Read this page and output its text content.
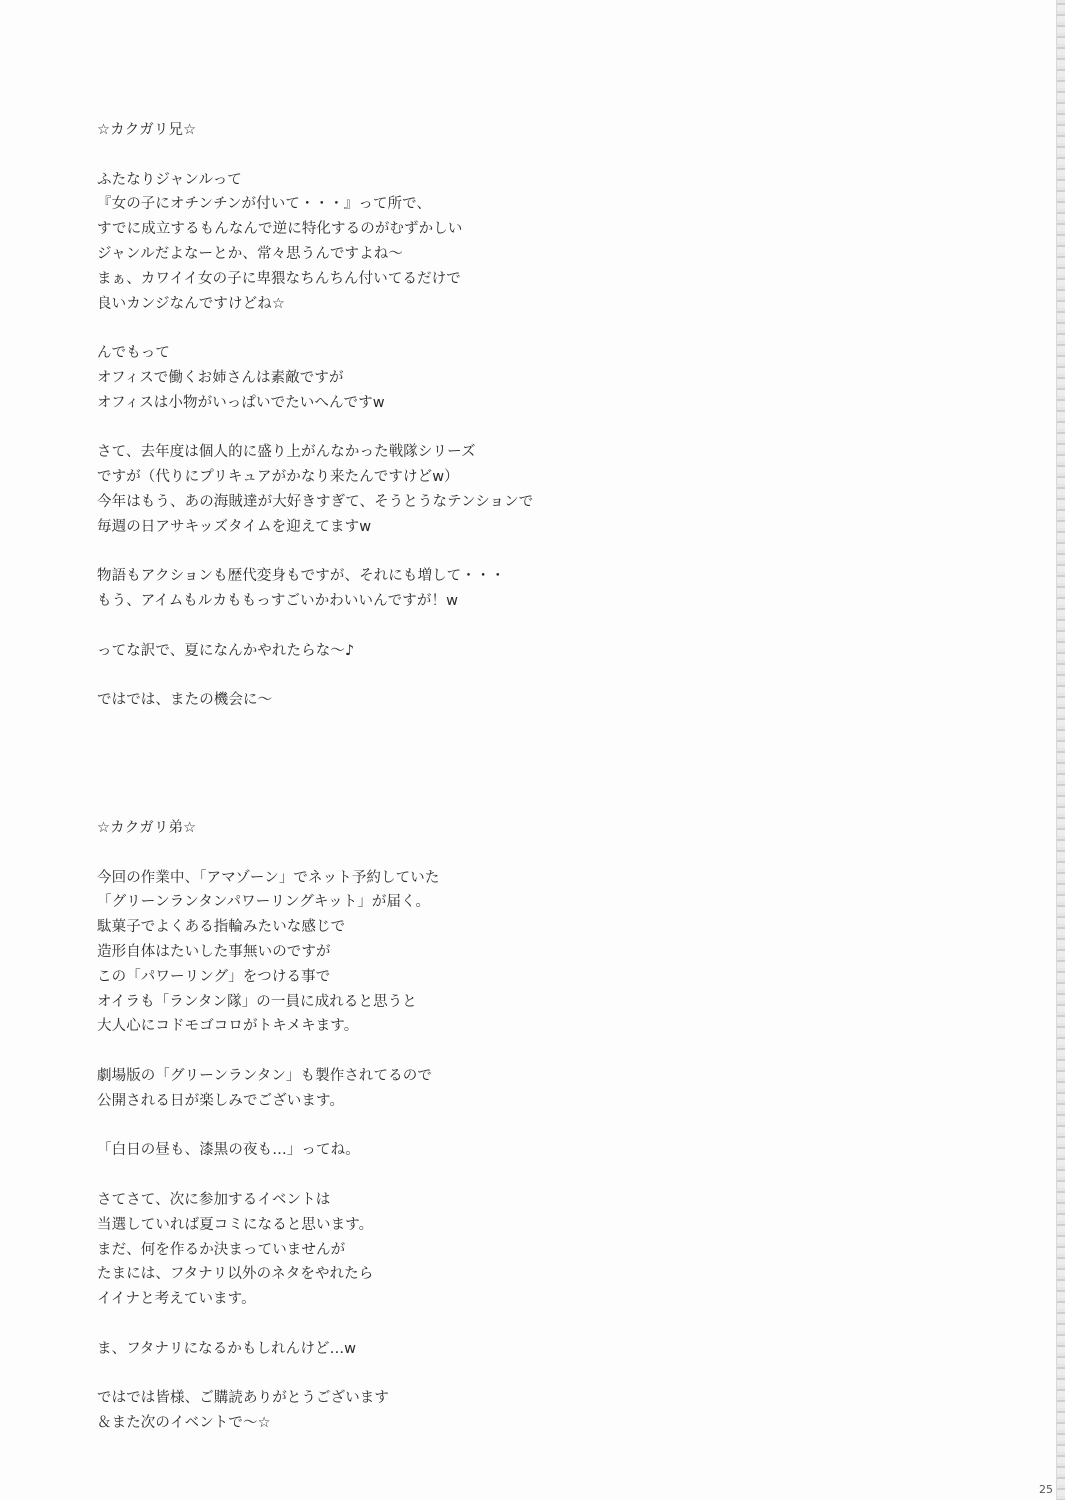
☆カクガリ兄☆
ふたなりジャンルって
『女の子にオチンチンが付いて・・・』って所で、
すでに成立するもんなんで逆に特化するのがむずかしい
ジャンルだよなーとか、常々思うんですよね～
まぁ、カワイイ女の子に卑猥なちんちん付いてるだけで
良いカンジなんですけどね☆
んでもって
オフィスで働くお姉さんは素敵ですが
オフィスは小物がいっぱいでたいへんですw
さて、去年度は個人的に盛り上がんなかった戦隊シリーズ
ですが（代りにプリキュアがかなり来たんですけどw）
今年はもう、あの海賊達が大好きすぎて、そうとうなテンションで
毎週の日アサキッズタイムを迎えてますw
物語もアクションも歴代変身もですが、それにも増して・・・
もう、アイムもルカももっすごいかわいいんですが！w
ってな訳で、夏になんかやれたらな～♪
ではでは、またの機会に～
☆カクガリ弟☆
今回の作業中、「アマゾーン」でネット予約していた
「グリーンランタンパワーリングキット」が届く。
駄菓子でよくある指輪みたいな感じで
造形自体はたいした事無いのですが
この「パワーリング」をつける事で
オイラも「ランタン隊」の一員に成れると思うと
大人心にコドモゴコロがトキメキます。
劇場版の「グリーンランタン」も製作されてるので
公開される日が楽しみでございます。
「白日の昼も、漆黒の夜も…」ってね。
さてさて、次に参加するイベントは
当選していれば夏コミになると思います。
まだ、何を作るか決まっていませんが
たまには、フタナリ以外のネタをやれたら
イイナと考えています。
ま、フタナリになるかもしれんけど…w
ではでは皆様、ご購読ありがとうございます
＆また次のイベントで～☆
25
